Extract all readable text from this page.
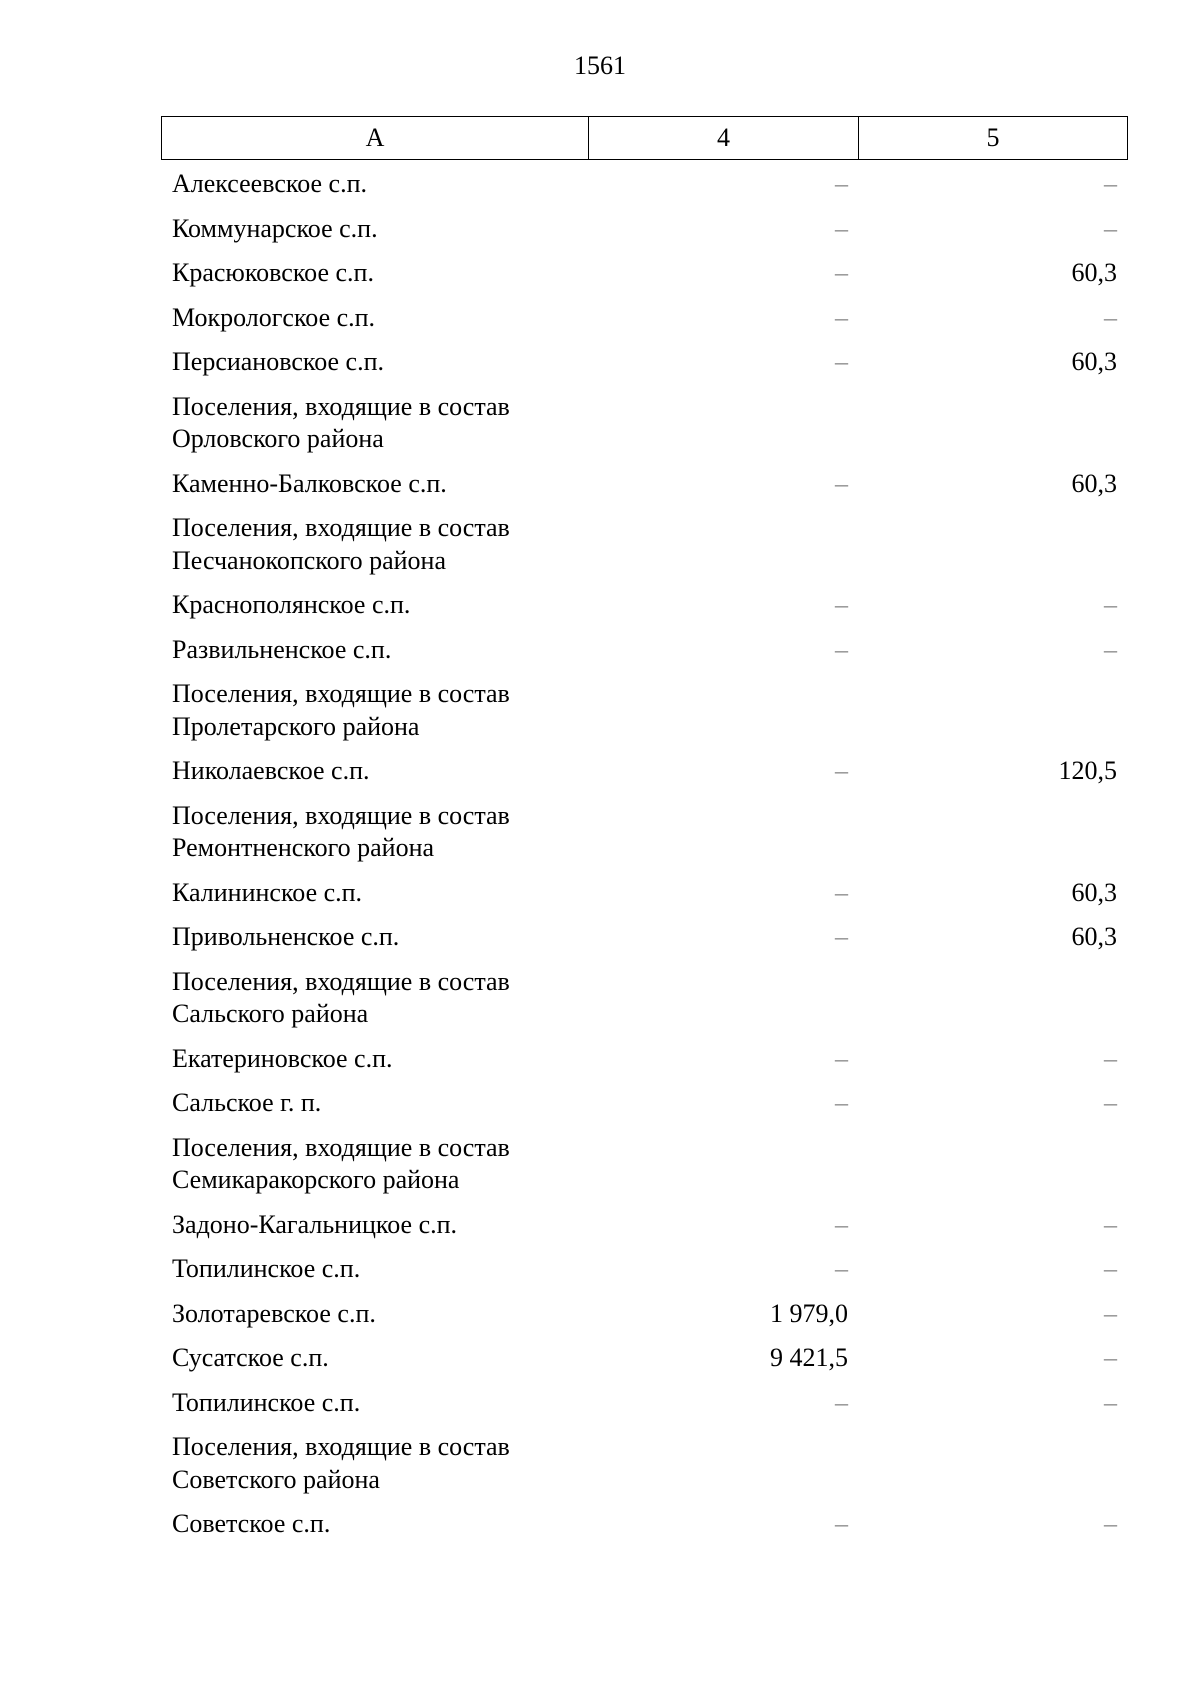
1561
А	4	5
Алексеевское с.п.	–	–
Коммунарское с.п.	–	–
Красюковское с.п.	–	60,3
Мокрологское с.п.	–	–
Персиановское с.п.	–	60,3
Поселения, входящие в состав Орловского района
Каменно-Балковское с.п.	–	60,3
Поселения, входящие в состав Песчанокопского района
Краснополянское с.п.	–	–
Развильненское с.п.	–	–
Поселения, входящие в состав Пролетарского района
Николаевское с.п.	–	120,5
Поселения, входящие в состав Ремонтненского района
Калининское с.п.	–	60,3
Привольненское с.п.	–	60,3
Поселения, входящие в состав Сальского района
Екатериновское с.п.	–	–
Сальское г. п.	–	–
Поселения, входящие в состав Семикаракорского района
Задоно-Кагальницкое с.п.	–	–
Топилинское с.п.	–	–
Золотаревское с.п.	1 979,0	–
Сусатское с.п.	9 421,5	–
Топилинское с.п.	–	–
Поселения, входящие в состав Советского района
Советское с.п.	–	–
